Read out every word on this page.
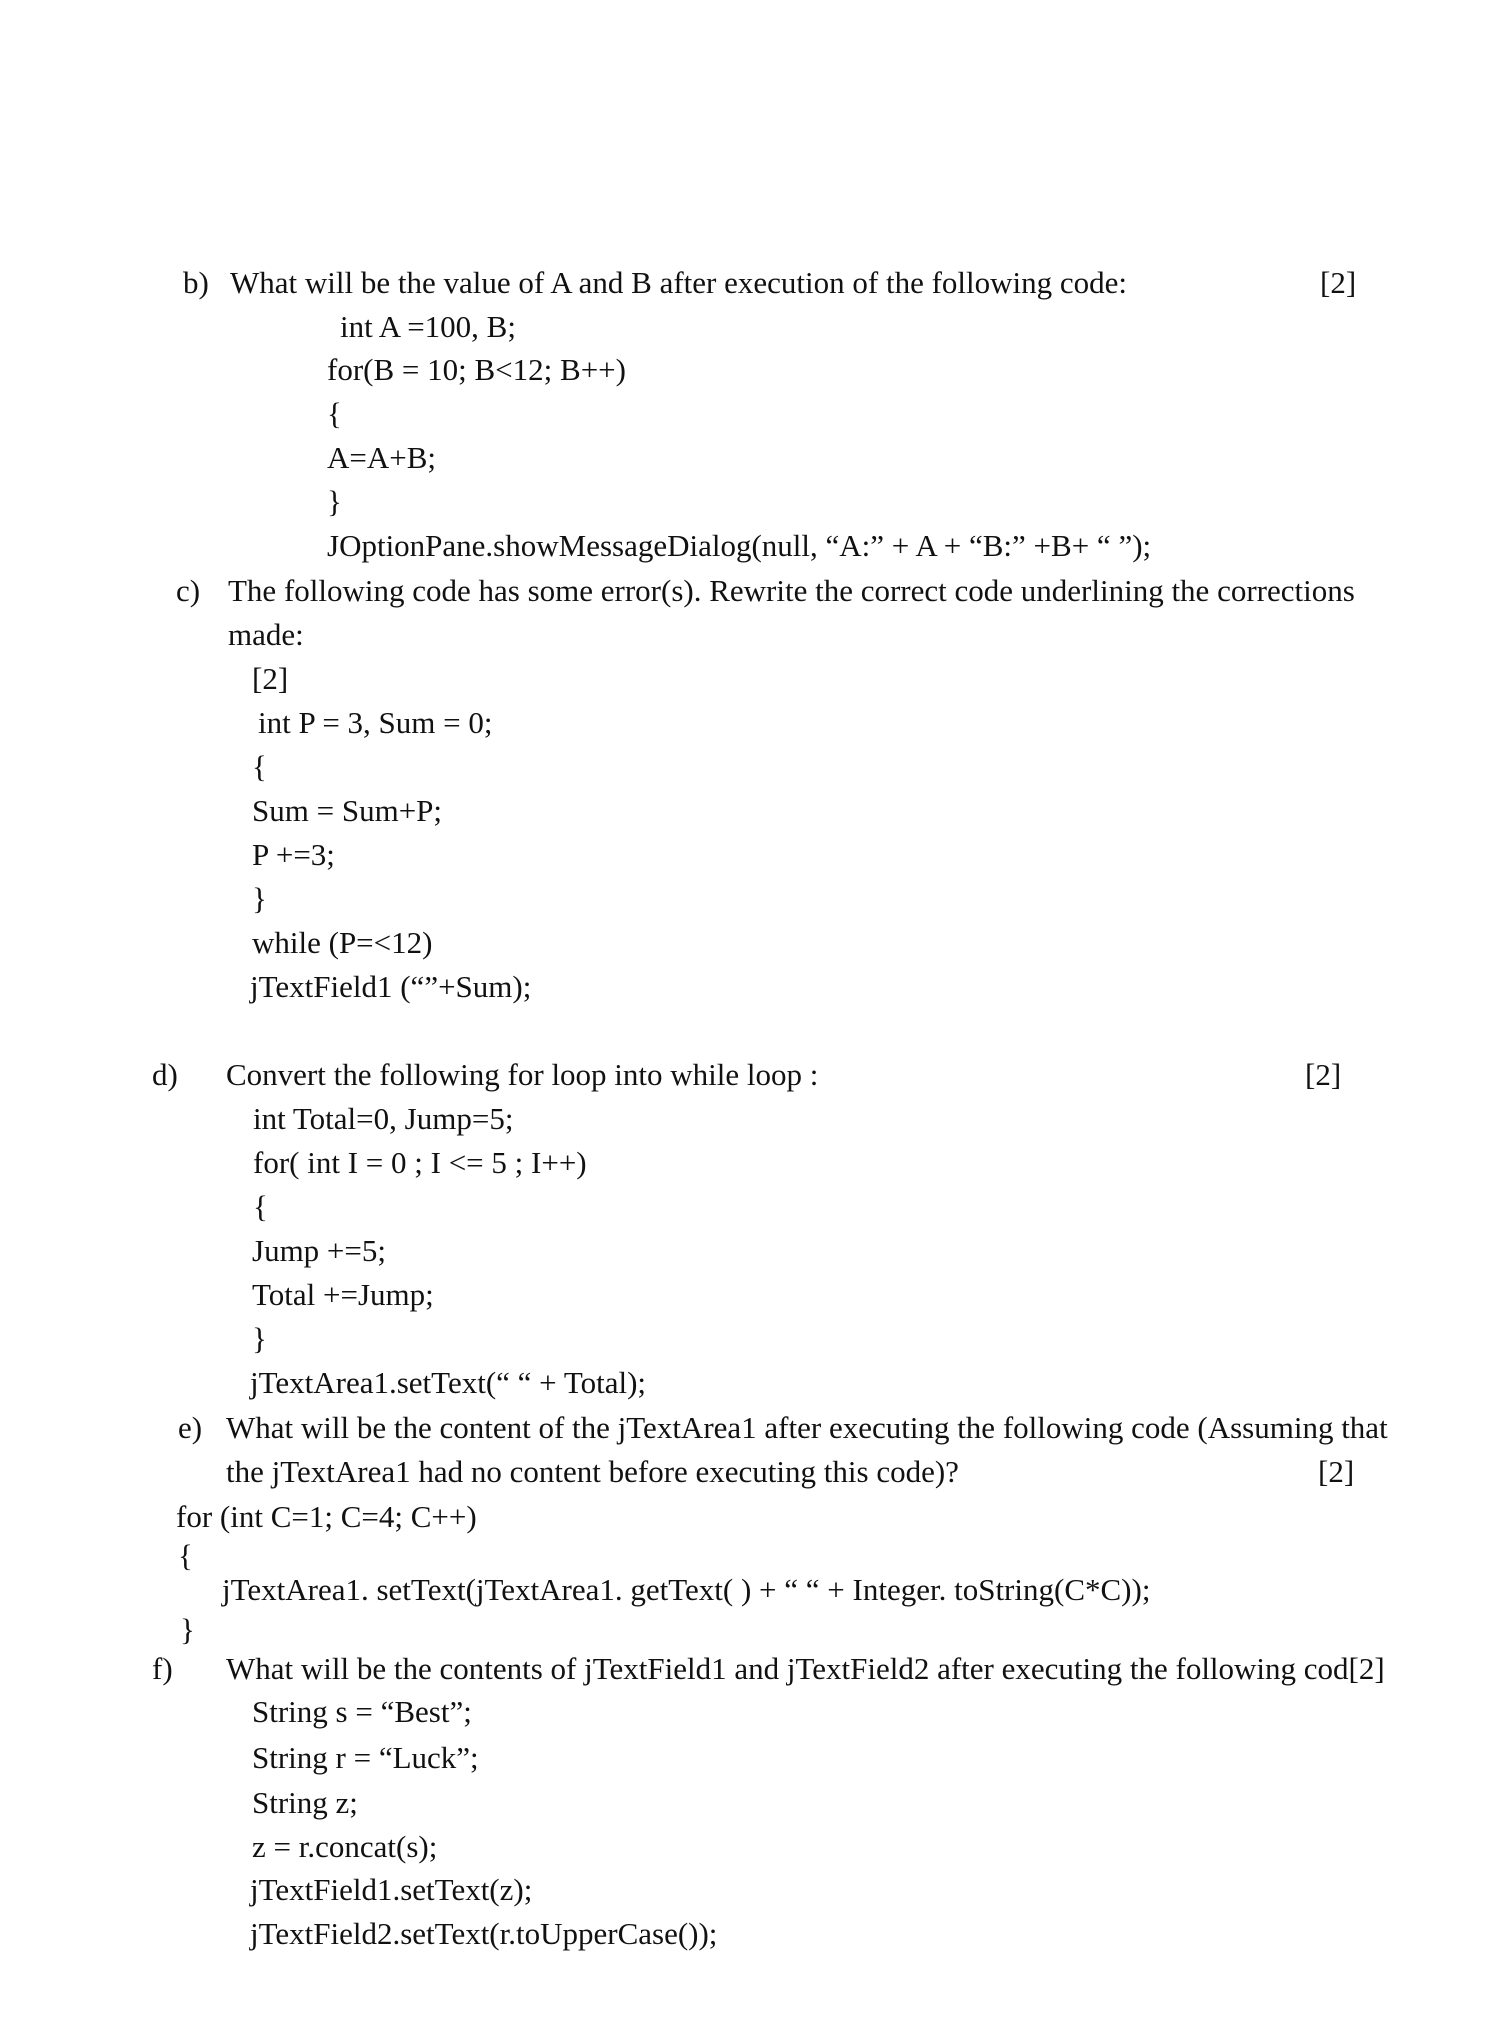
b) What will be the value of A and B after execution of the following code:	[2]
int A =100, B;
for(B = 10; B<12; B++)
{
A=A+B;
}
JOptionPane.showMessageDialog(null, “A:” + A + “B:” +B+ “ ”);
c) The following code has some error(s). Rewrite the correct code underlining the corrections
made:
[2]
int P = 3, Sum = 0;
{
Sum = Sum+P;
P +=3;
}
while (P=<12)
jTextField1 (“”+Sum);
d) Convert the following for loop into while loop :	[2]
int Total=0, Jump=5;
for( int I = 0 ; I <= 5 ; I++)
{
Jump +=5;
Total +=Jump;
}
jTextArea1.setText(“ “ + Total);
e) What will be the content of the jTextArea1 after executing the following code (Assuming that
the jTextArea1 had no content before executing this code)?	[2]
for (int C=1; C=4; C++)
{
jTextArea1. setText(jTextArea1. getText( ) + “ “ + Integer. toString(C*C));
}
f) What will be the contents of jTextField1 and jTextField2 after executing the following cod[2]
String s = “Best”;
String r = “Luck”;
String z;
z = r.concat(s);
jTextField1.setText(z);
jTextField2.setText(r.toUpperCase());
